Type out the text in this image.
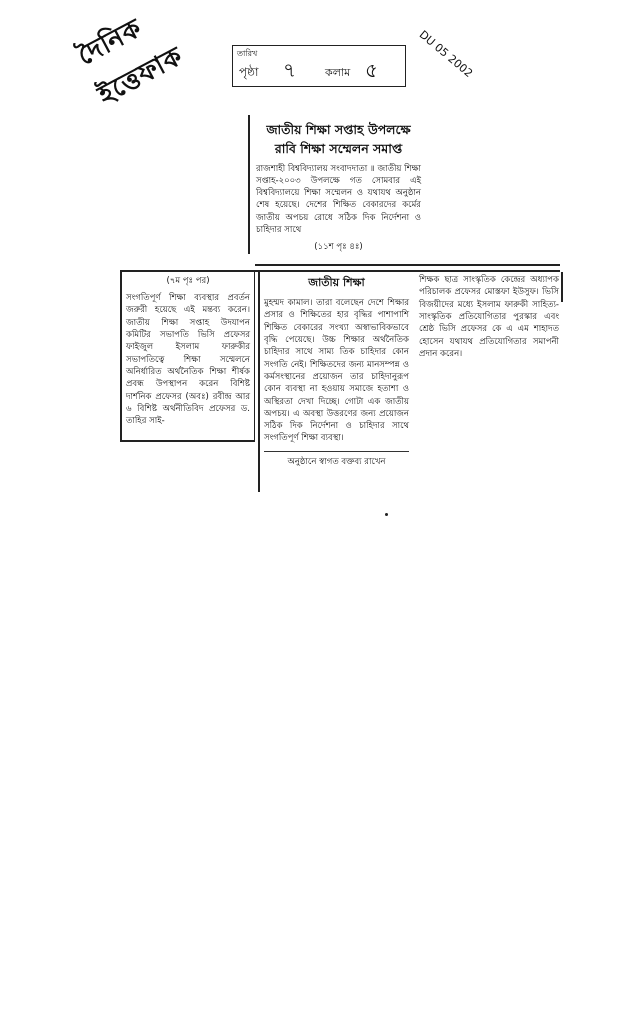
দৈনিক ইত্তেফাক	DU 05 2002
তারিখ
পৃষ্ঠা ৭	কলাম ৫
জাতীয় শিক্ষা সপ্তাহ উপলক্ষে
রাবি শিক্ষা সম্মেলন সমাপ্ত
রাজশাহী বিশ্ববিদ্যালয় সংবাদদাতা ॥ জাতীয় শিক্ষা সপ্তাহ-২০০৩ উপলক্ষে গত সোমবার এই বিশ্ববিদ্যালয়ে শিক্ষা সম্মেলন ও যথাযথ অনুষ্ঠান শেষ হয়েছে। দেশের শিক্ষিত বেকারদের কর্মের জাতীয় অপচয় রোধে সঠিক দিক নির্দেশনা ও চাহিদার সাথে
(১১শ পৃঃ ৪ঃ)
(৭ম পৃঃ পর)
সংগতিপূর্ণ শিক্ষা ব্যবস্থার প্রবর্তন জরুরী হয়েছে এই মন্তব্য করেন। জাতীয় শিক্ষা সপ্তাহ উদযাপন কমিটির সভাপতি ভিসি প্রফেসর ফাইজুল ইসলাম ফারুকীর সভাপতিত্বে শিক্ষা সম্মেলনে অনির্ধারিত অর্থনৈতিক শিক্ষা শীর্ষক প্রবন্ধ উপস্থাপন করেন বিশিষ্ট দার্শনিক প্রফেসর (অবঃ) রবীন্দ্র আর ৬ বিশিষ্ট অর্থনীতিবিদ প্রফেসর ড. তাহির সাই-
জাতীয় শিক্ষা
মুহম্মদ কামাল। তারা বলেছেন দেশে শিক্ষার প্রসার ও শিক্ষিতের হার বৃদ্ধির পাশাপাশি শিক্ষিত বেকারের সংখ্যা অস্বাভাবিকভাবে বৃদ্ধি পেয়েছে। উচ্চ শিক্ষার অর্থনৈতিক চাহিদার সাথে সাম্য তিক চাহিদার কোন সংগতি নেই। শিক্ষিতদের জন্য মানসম্পন্ন ও কর্মসংস্থানের প্রয়োজন তার চাহিদানুরূপ কোন ব্যবস্থা না হওয়ায় সমাজে হতাশা ও অস্থিরতা দেখা দিচ্ছে। গোটা এক জাতীয় অপচয়। এ অবস্থা উত্তরণের জন্য প্রয়োজন সঠিক দিক নির্দেশনা ও চাহিদার সাথে সংগতিপূর্ণ শিক্ষা ব্যবস্থা।
অনুষ্ঠানে স্বাগত বক্তব্য রাখেন
শিক্ষক ছাত্র সাংস্কৃতিক কেন্দ্রের অধ্যাপক পরিচালক প্রফেসর মোস্তফা ইউসুফ। ভিসি বিজয়ীদের মধ্যে ইসলাম ফারুকী সাহিত্য-সাংস্কৃতিক প্রতিযোগিতার পুরস্কার এবং শ্রেষ্ঠ ভিসি প্রফেসর কে এ এম শাহাদত হোসেন যথাযথ প্রতিযোগিতার সমাপনী প্রদান করেন।
